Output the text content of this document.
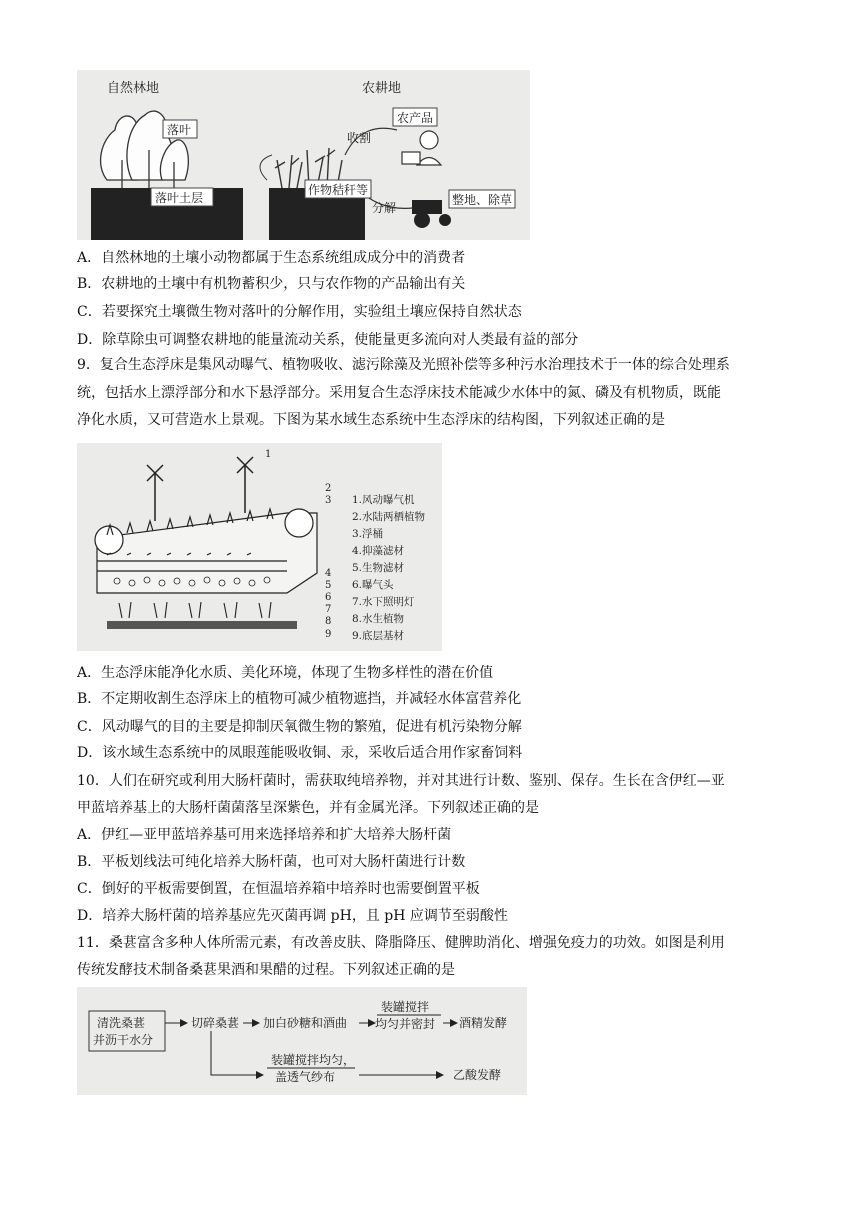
自然林地	农耕地
落叶
落叶土层
作物秸秆等
收割
农产品
分解
整地、除草
A．自然林地的土壤小动物都属于生态系统组成成分中的消费者
B．农耕地的土壤中有机物蓄积少，只与农作物的产品输出有关
C．若要探究土壤微生物对落叶的分解作用，实验组土壤应保持自然状态
D．除草除虫可调整农耕地的能量流动关系，使能量更多流向对人类最有益的部分
9．复合生态浮床是集风动曝气、植物吸收、滤污除藻及光照补偿等多种污水治理技术于一体的综合处理系
统，包括水上漂浮部分和水下悬浮部分。采用复合生态浮床技术能减少水体中的氮、磷及有机物质，既能
净化水质，又可营造水上景观。下图为某水域生态系统中生态浮床的结构图，下列叙述正确的是
1.风动曝气机
2.水陆两栖植物
3.浮桶
4.抑藻滤材
5.生物滤材
6.曝气头
7.水下照明灯
8.水生植物
9.底层基材
1
2
3
4
5
6
7
8
9
A．生态浮床能净化水质、美化环境，体现了生物多样性的潜在价值
B．不定期收割生态浮床上的植物可减少植物遮挡，并减轻水体富营养化
C．风动曝气的目的主要是抑制厌氧微生物的繁殖，促进有机污染物分解
D．该水域生态系统中的凤眼莲能吸收铜、汞，采收后适合用作家畜饲料
10．人们在研究或利用大肠杆菌时，需获取纯培养物，并对其进行计数、鉴别、保存。生长在含伊红—亚
甲蓝培养基上的大肠杆菌菌落呈深紫色，并有金属光泽。下列叙述正确的是
A．伊红—亚甲蓝培养基可用来选择培养和扩大培养大肠杆菌
B．平板划线法可纯化培养大肠杆菌，也可对大肠杆菌进行计数
C．倒好的平板需要倒置，在恒温培养箱中培养时也需要倒置平板
D．培养大肠杆菌的培养基应先灭菌再调 pH，且 pH 应调节至弱酸性
11．桑葚富含多种人体所需元素，有改善皮肤、降脂降压、健脾助消化、增强免疫力的功效。如图是利用
传统发酵技术制备桑葚果酒和果醋的过程。下列叙述正确的是
清洗桑葚
并沥干水分
切碎桑葚 加白砂糖和酒曲
装罐搅拌
均匀并密封 酒精发酵
装罐搅拌均匀，
盖透气纱布	乙酸发酵
